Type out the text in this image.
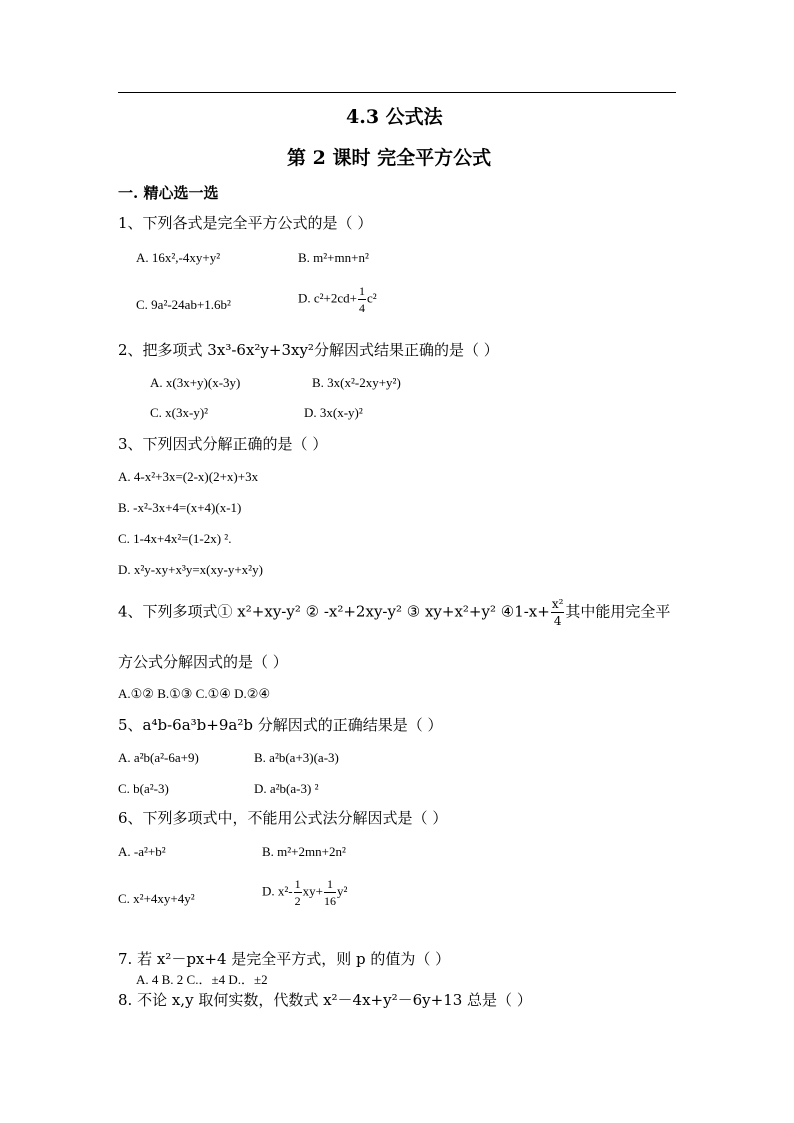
4.3 公式法
第 2 课时 完全平方公式
一. 精心选一选
1、下列各式是完全平方公式的是（ ）
A. 16x²,-4xy+y²	B. m²+mn+n²
C. 9a²-24ab+1.6b²	D. $c^2+2cd+ \frac{1}{4} c^2$
2、把多项式 3x³-6x²y+3xy²分解因式结果正确的是（ ）
A. x(3x+y)(x-3y)	B. 3x(x²-2xy+y²)
C. x(3x-y)²	D. 3x(x-y)²
3、下列因式分解正确的是（ ）
A. 4-x²+3x=(2-x)(2+x)+3x
B. -x²-3x+4=(x+4)(x-1)
C. 1-4x+4x²=(1-2x) ².
D. x²y-xy+x³y=x(xy-y+x²y)
4、下列多项式① x²+xy-y² ② -x²+2xy-y² ③ xy+x²+y² ④1-x+ $\frac{\text{x²}}{4}$ 其中能用完全平
方公式分解因式的是（ ）
A.①② B.①③ C.①④ D.②④
5、a⁴b-6a³b+9a²b 分解因式的正确结果是（ ）
A. a²b(a²-6a+9)	B. a²b(a+3)(a-3)
C. b(a²-3)	D. a²b(a-3) ²
6、下列多项式中，不能用公式法分解因式是（ ）
A. -a²+b²	B. m²+2mn+2n²
C. x²+4xy+4y²
D. $x^2- \frac{1}{2} xy+ \frac{1}{16} y^2$
7. 若 x²－px+4 是完全平方式，则 p 的值为（ ）
A. 4 B. 2 C.．±4 D.．±2
8. 不论 x,y 取何实数，代数式 x²－4x+y²－6y+13 总是（ ）
